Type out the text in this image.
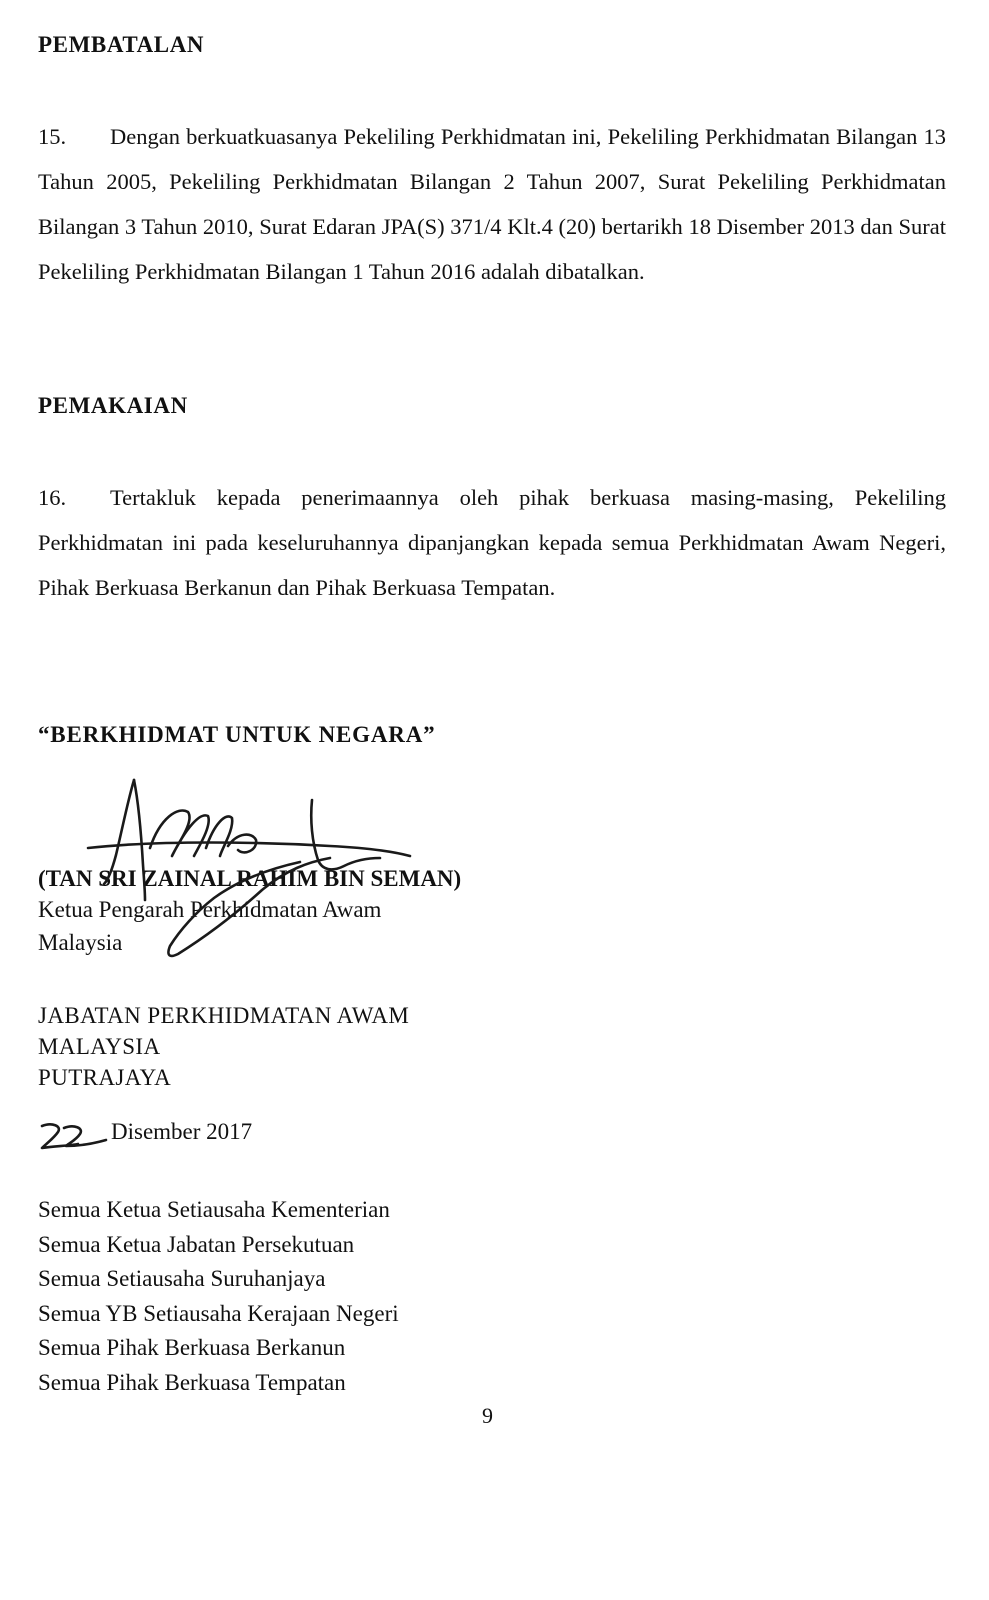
PEMBATALAN

15. Dengan berkuatkuasanya Pekeliling Perkhidmatan ini, Pekeliling Perkhidmatan Bilangan 13 Tahun 2005, Pekeliling Perkhidmatan Bilangan 2 Tahun 2007, Surat Pekeliling Perkhidmatan Bilangan 3 Tahun 2010, Surat Edaran JPA(S) 371/4 Klt.4 (20) bertarikh 18 Disember 2013 dan Surat Pekeliling Perkhidmatan Bilangan 1 Tahun 2016 adalah dibatalkan.

PEMAKAIAN

16. Tertakluk kepada penerimaannya oleh pihak berkuasa masing-masing, Pekeliling Perkhidmatan ini pada keseluruhannya dipanjangkan kepada semua Perkhidmatan Awam Negeri, Pihak Berkuasa Berkanun dan Pihak Berkuasa Tempatan.

“BERKHIDMAT UNTUK NEGARA”

(TAN SRI ZAINAL RAHIM BIN SEMAN)

Ketua Pengarah Perkhidmatan Awam

Malaysia

JABATAN PERKHIDMATAN AWAM

MALAYSIA

PUTRAJAYA

Disember 2017

Semua Ketua Setiausaha Kementerian

Semua Ketua Jabatan Persekutuan

Semua Setiausaha Suruhanjaya

Semua YB Setiausaha Kerajaan Negeri

Semua Pihak Berkuasa Berkanun

Semua Pihak Berkuasa Tempatan

9
